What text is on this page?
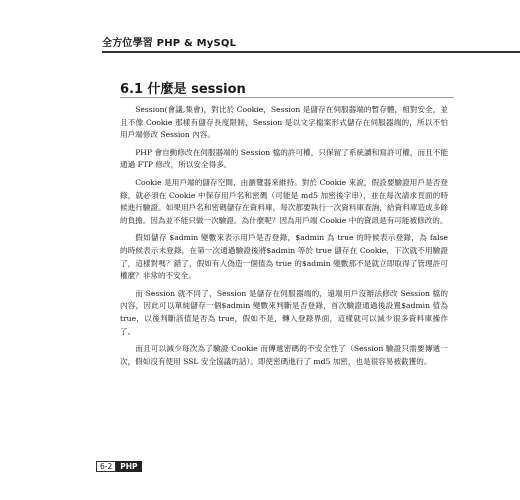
全方位學習 PHP & MySQL
6.1 什麼是 session

Session(會議,集會)，對比於 Cookie，Session 是儲存在伺服器端的暫存體，相對安全，並且不像 Cookie 那樣有儲存長度限制，Session 是以文字檔案形式儲存在伺服器端的，所以不怕用戶端修改 Session 內容。

PHP 會自動修改在伺服器端的 Session 檔的許可權，只保留了系統讀和寫許可權，而且不能通過 FTP 修改，所以安全得多。

Cookie 是用戶端的儲存空間，由瀏覽器來維持。對於 Cookie 來說，假設要驗證用戶是否登錄，就必須在 Cookie 中保存用戶名和密碼（可能是 md5 加密後字串），並在每次請求頁面的時候進行驗證。如果用戶名和密碼儲存在資料庫，每次都要執行一次資料庫查詢，給資料庫造成多餘的負擔。因為並不能只做一次驗證。為什麼呢？因為用戶端 Cookie 中的資訊是有可能被修改的。

假如儲存 $admin 變數來表示用戶是否登錄，$admin 為 true 的時候表示登錄，為 false 的時候表示未登錄，在第一次通過驗證後將$admin 等於 true 儲存在 Cookie，下次就不用驗證了，這樣對嗎？錯了，假如有人偽造一個值為 true 的$admin 變數那不是就立即取得了管理許可權麼？非常的不安全。

而 Session 就不同了，Session 是儲存在伺服器端的，遠端用戶沒辦法修改 Session 檔的內容，因此可以單純儲存一個$admin 變數來判斷是否登錄，首次驗證通過後設置$admin 值為 true，以後判斷該值是否為 true，假如不是，轉入登錄界面，這樣就可以減少很多資料庫操作了。

而且可以減少每次為了驗證 Cookie 而傳遞密碼的不安全性了（Session 驗證只需要傳遞一次，假如沒有使用 SSL 安全協議的話）。即使密碼進行了 md5 加密，也是很容易被截獲的。

6-2	PHP
